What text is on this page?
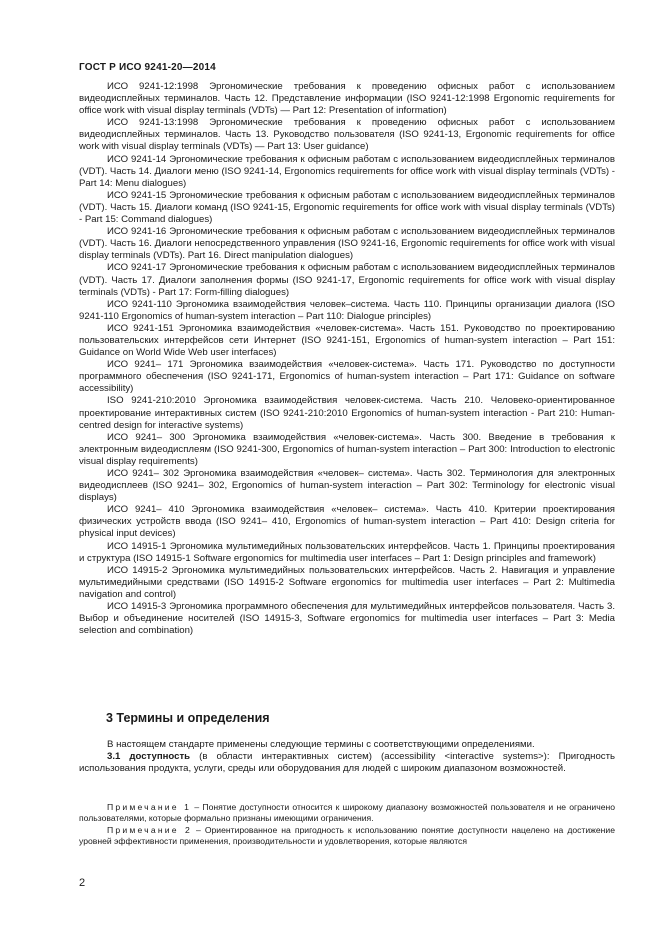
ГОСТ Р ИСО 9241-20—2014

ИСО 9241-12:1998 Эргономические требования к проведению офисных работ с использованием видеодисплейных терминалов. Часть 12. Представление информации (ISO 9241-12:1998 Ergonomic requirements for office work with visual display terminals (VDTs) — Part 12: Presentation of information)

ИСО 9241-13:1998 Эргономические требования к проведению офисных работ с использованием видеодисплейных терминалов. Часть 13. Руководство пользователя (ISO 9241-13, Ergonomic requirements for office work with visual display terminals (VDTs) — Part 13: User guidance)

ИСО 9241-14 Эргономические требования к офисным работам с использованием видеодисплейных терминалов (VDT). Часть 14. Диалоги меню (ISO 9241-14, Ergonomics requirements for office work with visual display terminals (VDTs) - Part 14: Menu dialogues)

ИСО 9241-15 Эргономические требования к офисным работам с использованием видеодисплейных терминалов (VDT). Часть 15. Диалоги команд (ISO 9241-15, Ergonomic requirements for office work with visual display terminals (VDTs) - Part 15: Command dialogues)

ИСО 9241-16 Эргономические требования к офисным работам с использованием видеодисплейных терминалов (VDT). Часть 16. Диалоги непосредственного управления (ISO 9241-16, Ergonomic requirements for office work with visual display terminals (VDTs). Part 16. Direct manipulation dialogues)

ИСО 9241-17 Эргономические требования к офисным работам с использованием видеодисплейных терминалов (VDT). Часть 17. Диалоги заполнения формы (ISO 9241-17, Ergonomic requirements for office work with visual display terminals (VDTs) - Part 17: Form-filling dialogues)

ИСО 9241-110 Эргономика взаимодействия человек–система. Часть 110. Принципы организации диалога (ISO 9241-110 Ergonomics of human-system interaction – Part 110: Dialogue principles)

ИСО 9241-151 Эргономика взаимодействия «человек-система». Часть 151. Руководство по проектированию пользовательских интерфейсов сети Интернет (ISO 9241-151, Ergonomics of human-system interaction – Part 151: Guidance on World Wide Web user interfaces)

ИСО 9241– 171 Эргономика взаимодействия «человек-система». Часть 171. Руководство по доступности программного обеспечения (ISO 9241-171, Ergonomics of human-system interaction – Part 171: Guidance on software accessibility)

ISO 9241-210:2010 Эргономика взаимодействия человек-система. Часть 210. Человеко-ориентированное проектирование интерактивных систем (ISO 9241-210:2010 Ergonomics of human-system interaction - Part 210: Human-centred design for interactive systems)

ИСО 9241– 300 Эргономика взаимодействия «человек-система». Часть 300. Введение в требования к электронным видеодисплеям (ISO 9241-300, Ergonomics of human-system interaction – Part 300: Introduction to electronic visual display requirements)

ИСО 9241– 302 Эргономика взаимодействия «человек– система». Часть 302. Терминология для электронных видеодисплеев (ISO 9241– 302, Ergonomics of human-system interaction – Part 302: Terminology for electronic visual displays)

ИСО 9241– 410 Эргономика взаимодействия «человек– система». Часть 410. Критерии проектирования физических устройств ввода (ISO 9241– 410, Ergonomics of human-system interaction – Part 410: Design criteria for physical input devices)

ИСО 14915-1 Эргономика мультимедийных пользовательских интерфейсов. Часть 1. Принципы проектирования и структура (ISO 14915-1 Software ergonomics for multimedia user interfaces – Part 1: Design principles and framework)

ИСО 14915-2 Эргономика мультимедийных пользовательских интерфейсов. Часть 2. Навигация и управление мультимедийными средствами (ISO 14915-2 Software ergonomics for multimedia user interfaces – Part 2: Multimedia navigation and control)

ИСО 14915-3 Эргономика программного обеспечения для мультимедийных интерфейсов пользователя. Часть 3. Выбор и объединение носителей (ISO 14915-3, Software ergonomics for multimedia user interfaces – Part 3: Media selection and combination)

3 Термины и определения

В настоящем стандарте применены следующие термины с соответствующими определениями.

3.1 доступность (в области интерактивных систем) (accessibility <interactive systems>): Пригодность использования продукта, услуги, среды или оборудования для людей с широким диапазоном возможностей.

Примечание 1 – Понятие доступности относится к широкому диапазону возможностей пользователя и не ограничено пользователями, которые формально признаны имеющими ограничения.

Примечание 2 – Ориентированное на пригодность к использованию понятие доступности нацелено на достижение уровней эффективности применения, производительности и удовлетворения, которые являются

2
